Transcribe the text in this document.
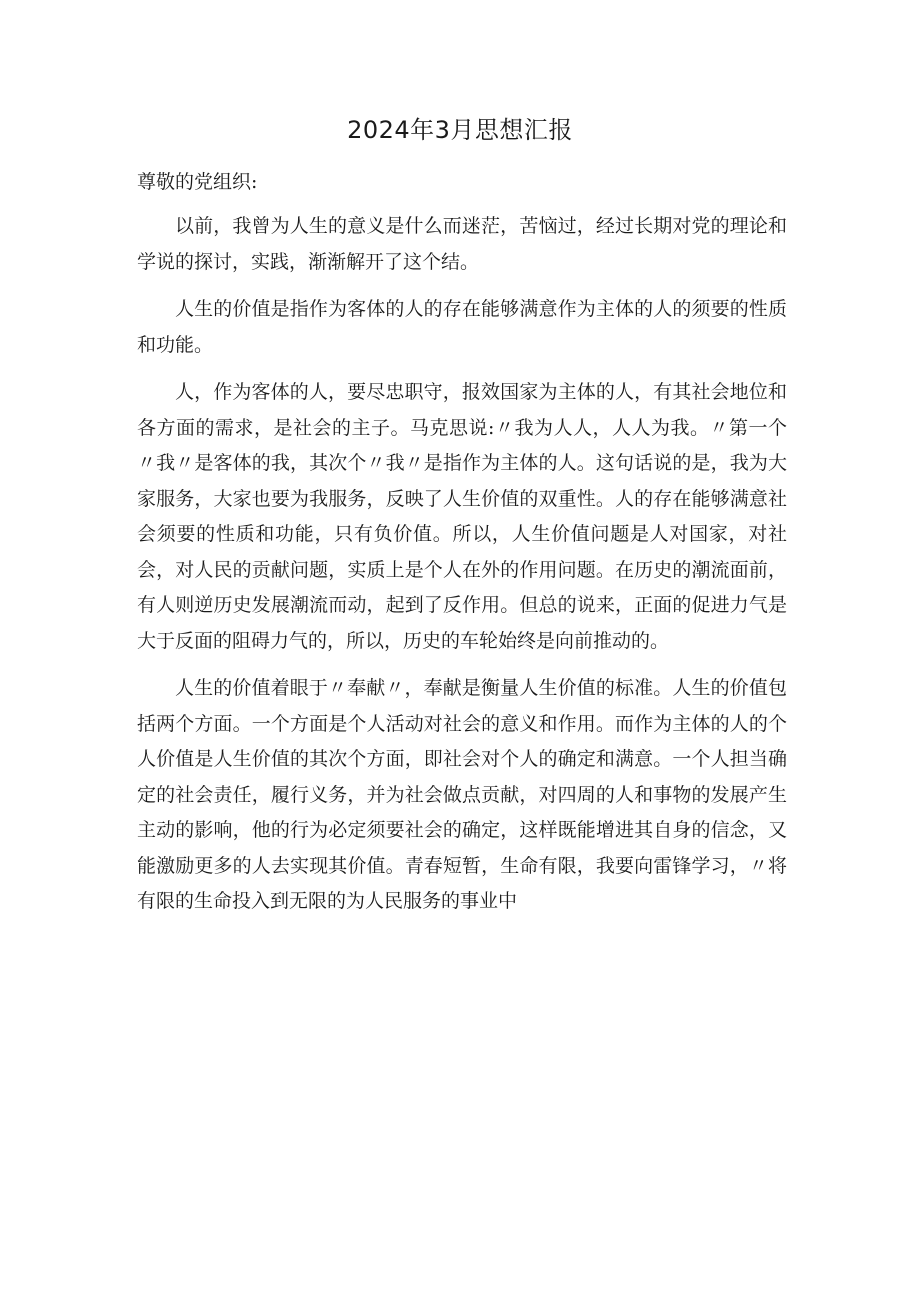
2024年3月思想汇报

尊敬的党组织:

以前，我曾为人生的意义是什么而迷茫，苦恼过，经过长期对党的理论和学说的探讨，实践，渐渐解开了这个结。

人生的价值是指作为客体的人的存在能够满意作为主体的人的须要的性质和功能。

人，作为客体的人，要尽忠职守，报效国家为主体的人，有其社会地位和各方面的需求，是社会的主子。马克思说:〃我为人人，人人为我。〃第一个〃我〃是客体的我，其次个〃我〃是指作为主体的人。这句话说的是，我为大家服务，大家也要为我服务，反映了人生价值的双重性。人的存在能够满意社会须要的性质和功能，只有负价值。所以，人生价值问题是人对国家，对社会，对人民的贡献问题，实质上是个人在外的作用问题。在历史的潮流面前，有人则逆历史发展潮流而动，起到了反作用。但总的说来，正面的促进力气是大于反面的阻碍力气的，所以，历史的车轮始终是向前推动的。

人生的价值着眼于〃奉献〃，奉献是衡量人生价值的标准。人生的价值包括两个方面。一个方面是个人活动对社会的意义和作用。而作为主体的人的个人价值是人生价值的其次个方面，即社会对个人的确定和满意。一个人担当确定的社会责任，履行义务，并为社会做点贡献，对四周的人和事物的发展产生主动的影响，他的行为必定须要社会的确定，这样既能增进其自身的信念，又能激励更多的人去实现其价值。青春短暂，生命有限，我要向雷锋学习，〃将有限的生命投入到无限的为人民服务的事业中
